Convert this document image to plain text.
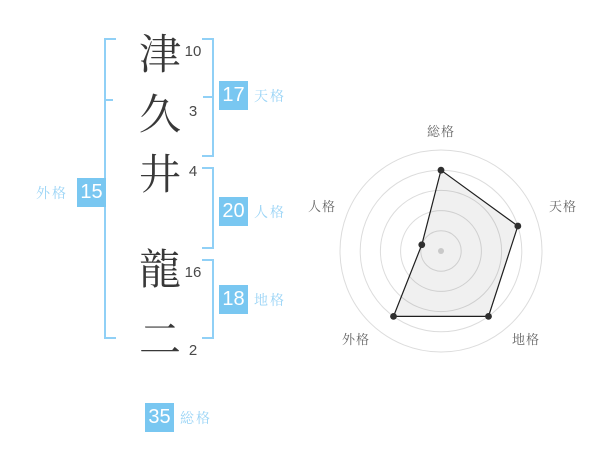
津 10
久 3
井 4
龍 16
二 2
17 天格
20 人格
18 地格
外格 15
35 総格
総格
天格
地格
外格
人格
